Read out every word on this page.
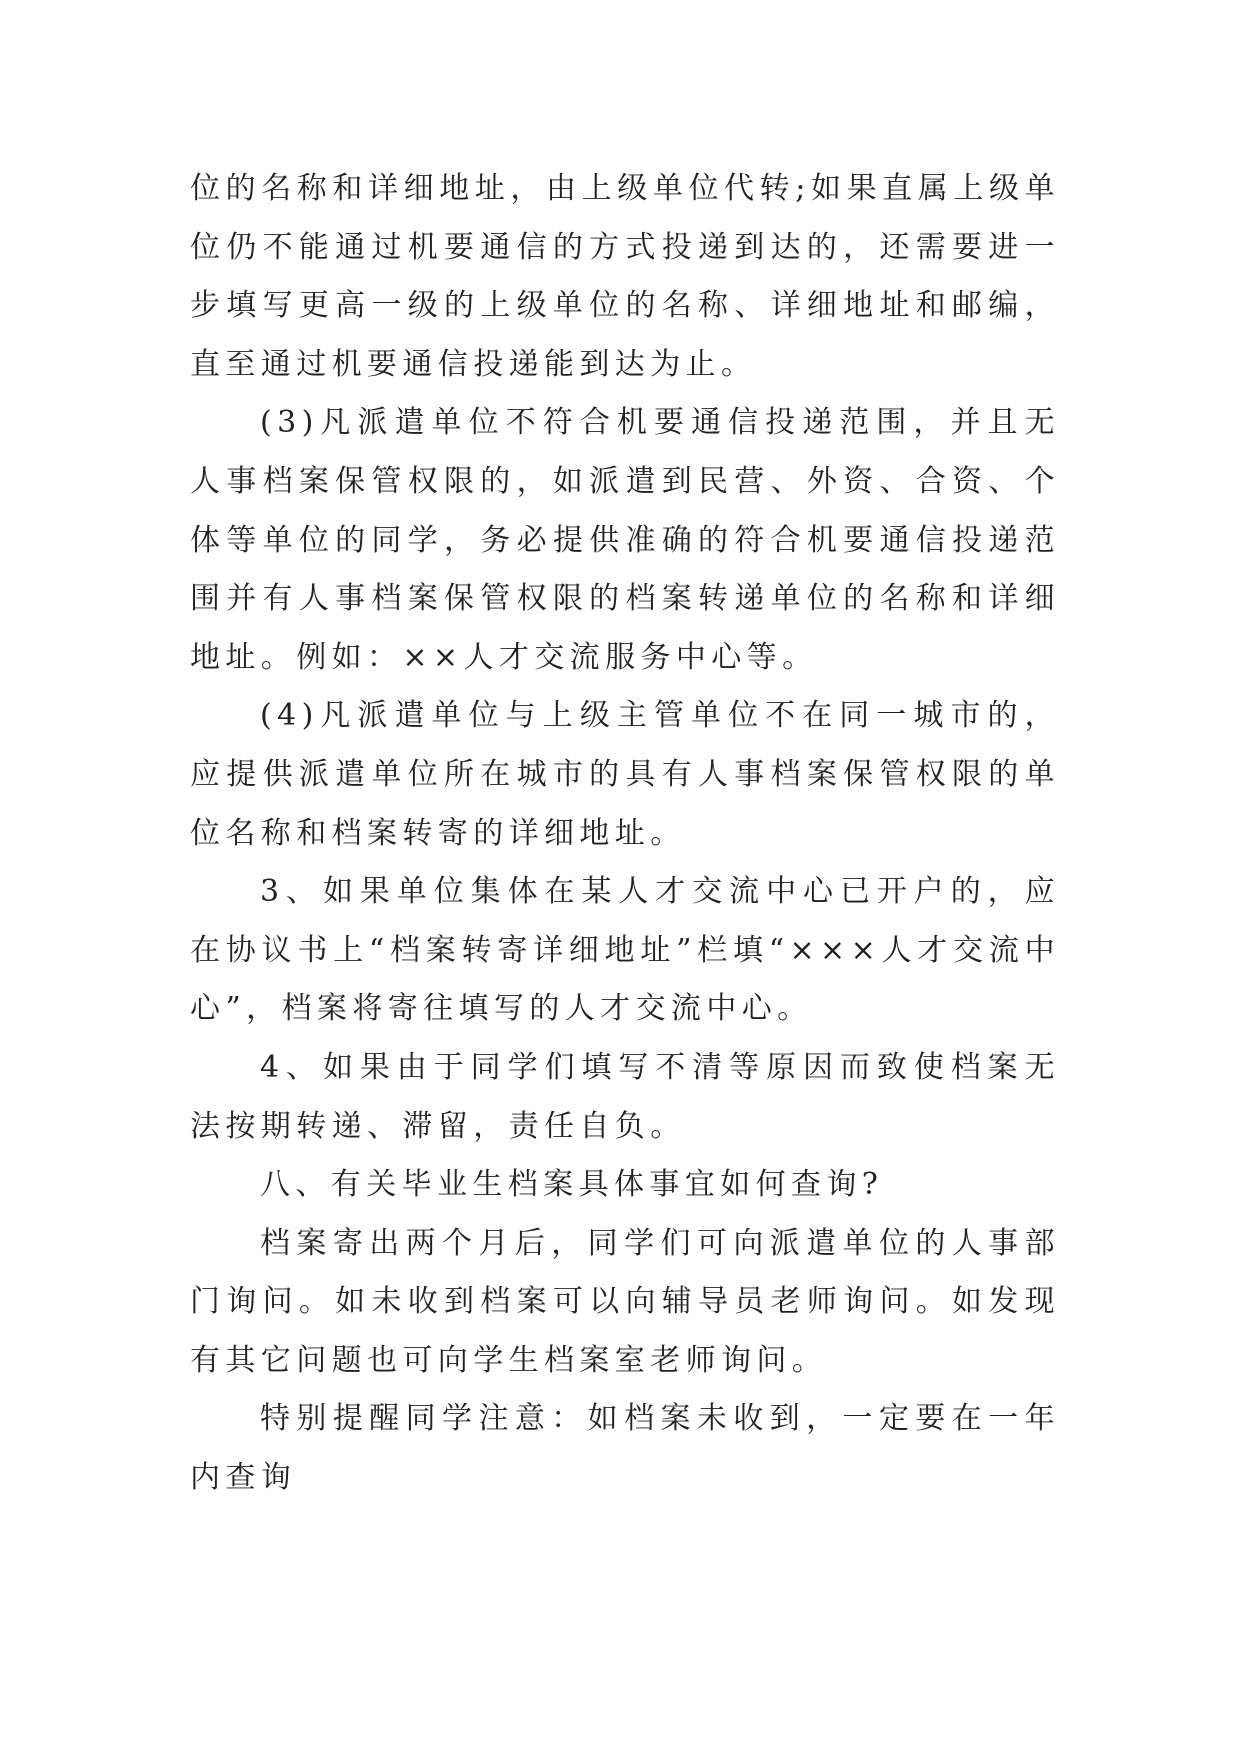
位的名称和详细地址，由上级单位代转;如果直属上级单位仍不能通过机要通信的方式投递到达的，还需要进一步填写更高一级的上级单位的名称、详细地址和邮编，直至通过机要通信投递能到达为止。

(3)凡派遣单位不符合机要通信投递范围，并且无人事档案保管权限的，如派遣到民营、外资、合资、个体等单位的同学，务必提供准确的符合机要通信投递范围并有人事档案保管权限的档案转递单位的名称和详细地址。例如：××人才交流服务中心等。

(4)凡派遣单位与上级主管单位不在同一城市的，应提供派遣单位所在城市的具有人事档案保管权限的单位名称和档案转寄的详细地址。

3、如果单位集体在某人才交流中心已开户的，应在协议书上“档案转寄详细地址”栏填“×××人才交流中心”，档案将寄往填写的人才交流中心。

4、如果由于同学们填写不清等原因而致使档案无法按期转递、滞留，责任自负。

八、有关毕业生档案具体事宜如何查询?

档案寄出两个月后，同学们可向派遣单位的人事部门询问。如未收到档案可以向辅导员老师询问。如发现有其它问题也可向学生档案室老师询问。

特别提醒同学注意：如档案未收到，一定要在一年内查询
